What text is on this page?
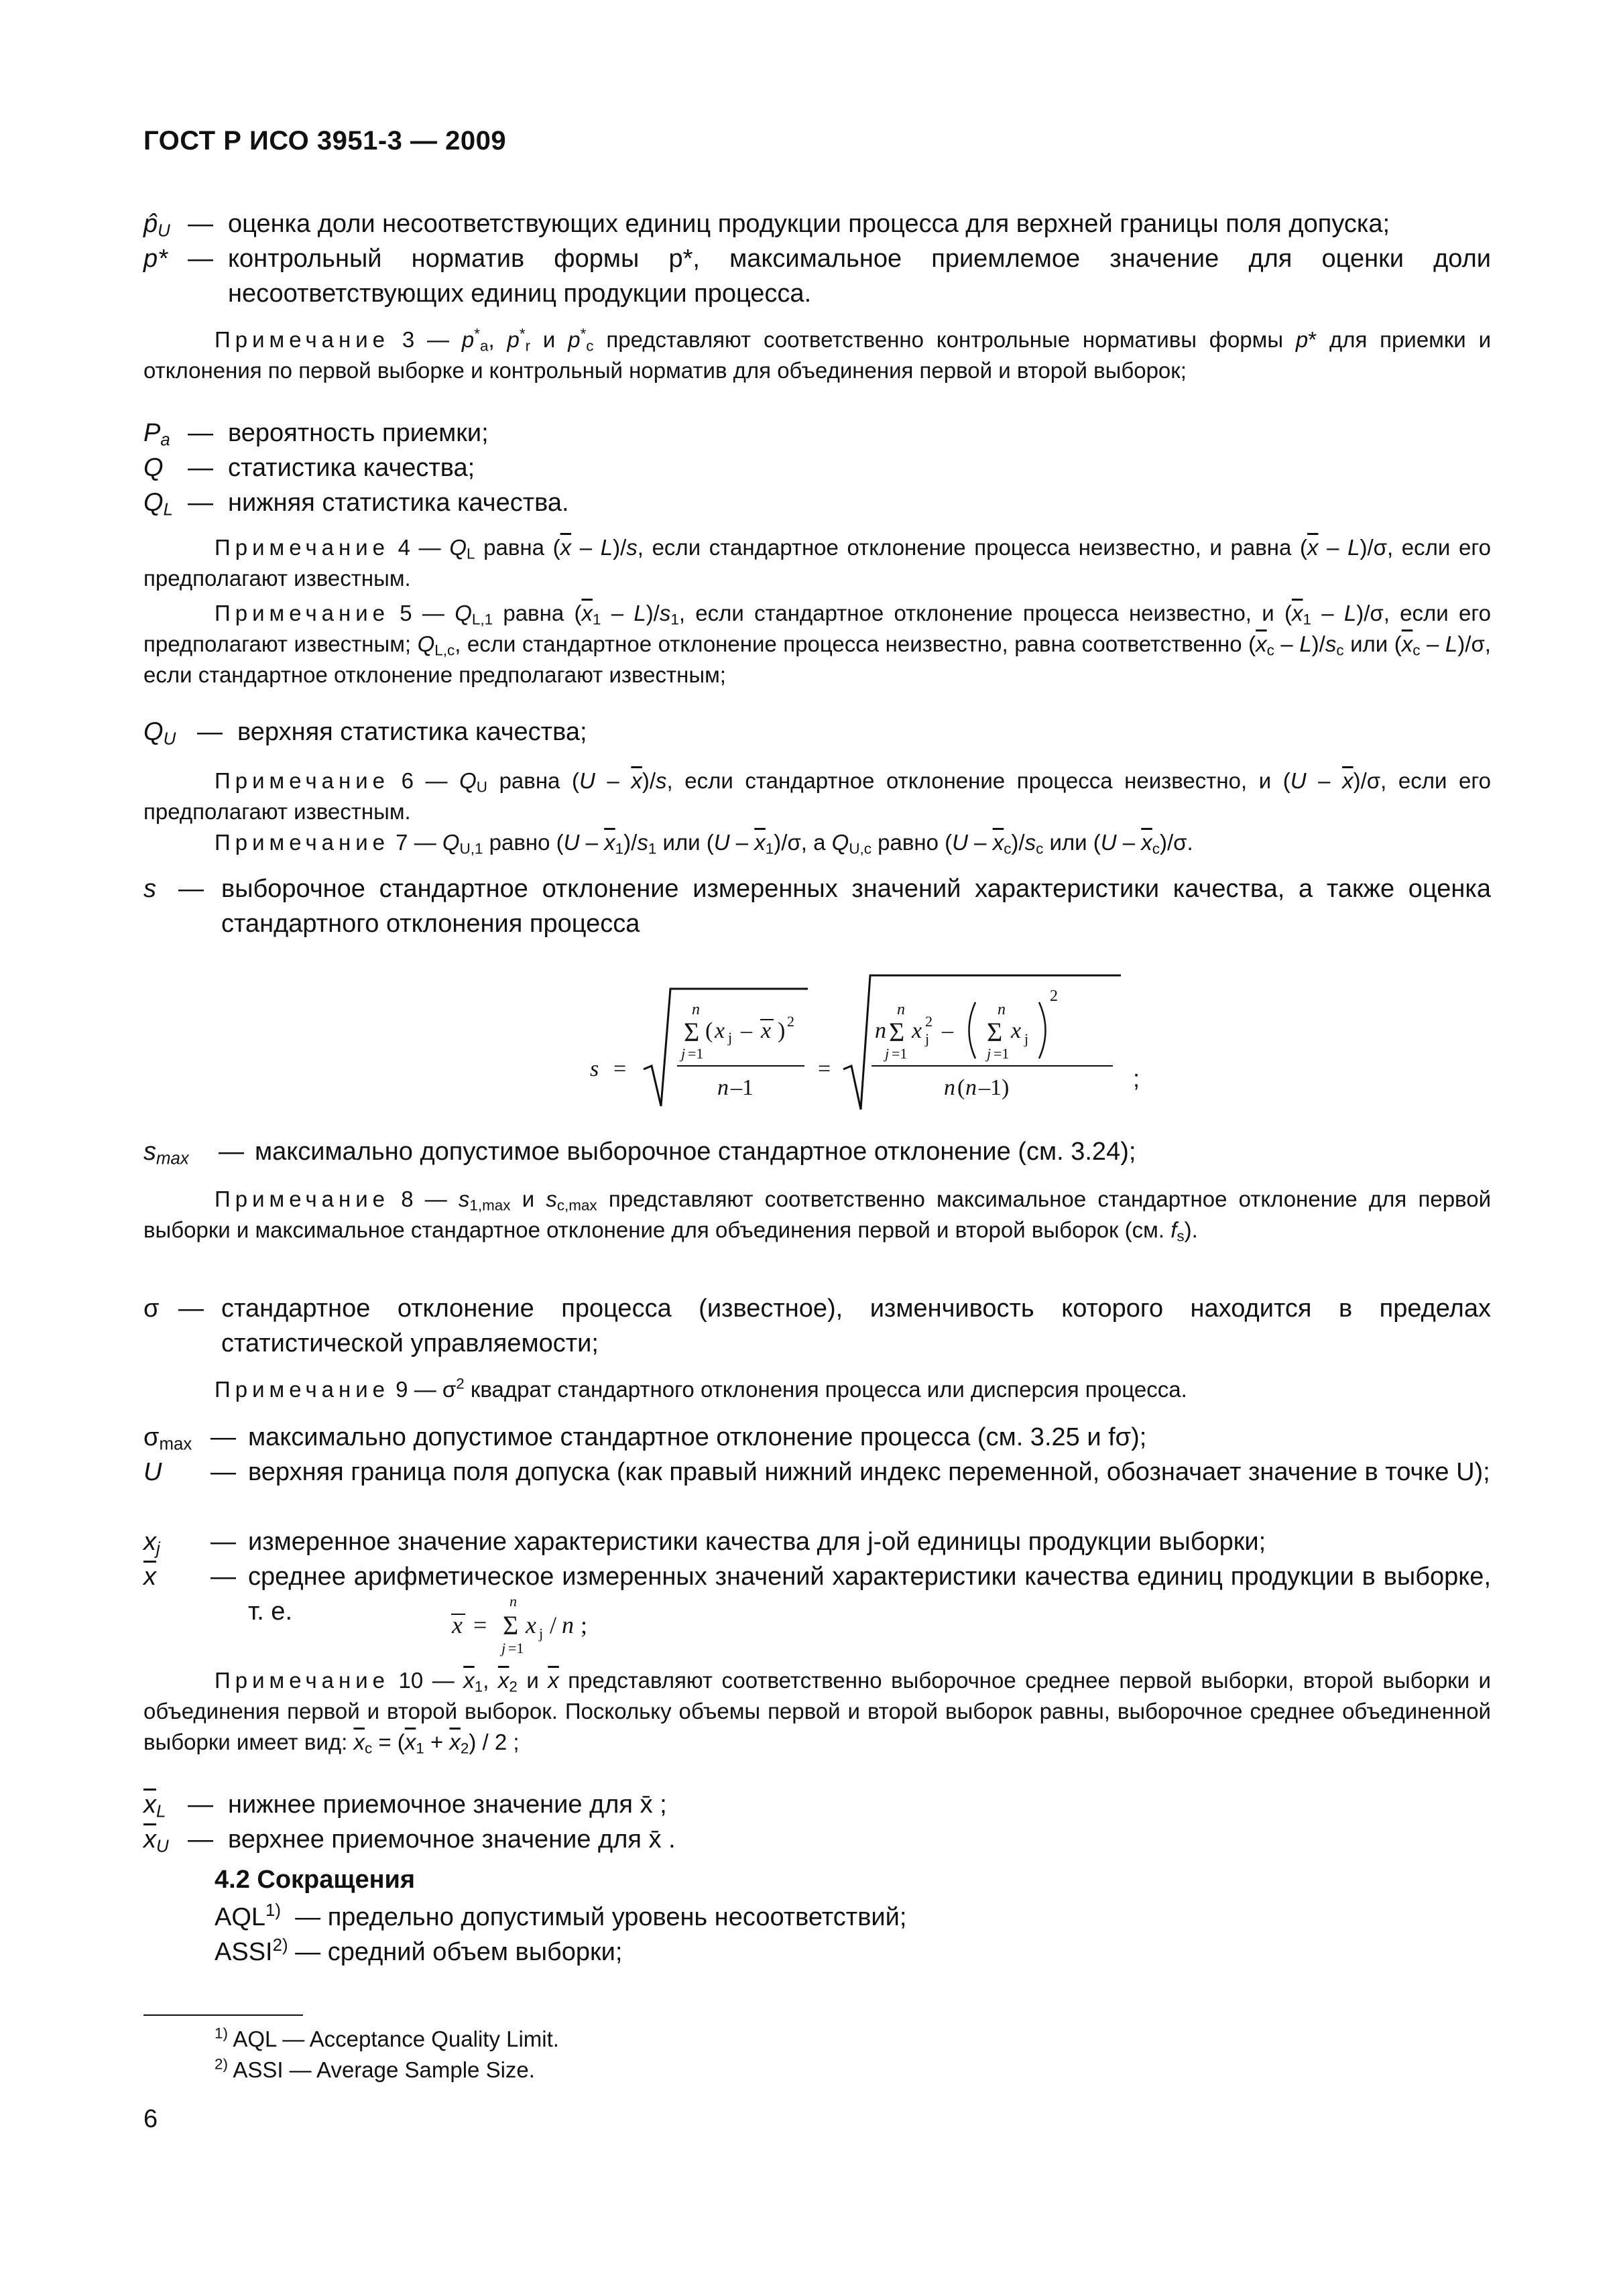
ГОСТ Р ИСО 3951-3 — 2009
$p̂_U$ — оценка доли несоответствующих единиц продукции процесса для верхней границы поля допуска;
p* — контрольный норматив формы p*, максимальное приемлемое значение для оценки доли несоответствующих единиц продукции процесса.
Примечание 3 — $p^*_a$, $p^*_r$ и $p^*_c$ представляют соответственно контрольные нормативы формы p* для приемки и отклонения по первой выборке и контрольный норматив для объединения первой и второй выборок;
$P_a$ — вероятность приемки;
Q — статистика качества;
$Q_L$ — нижняя статистика качества.
Примечание 4 — $Q_L$ равна $(\overline{x} - L)/s$, если стандартное отклонение процесса неизвестно, и равна $(\overline{x} - L)/\sigma$, если его предполагают известным.
Примечание 5 — $Q_{L,1}$ равна $(\overline{x}_1 - L)/s_1$, если стандартное отклонение процесса неизвестно, и $(\overline{x}_1 - L)/\sigma$, если его предполагают известным; $Q_{L,c}$, если стандартное отклонение процесса неизвестно, равна соответственно $(\overline{x}_c - L)/s_c$ или $(\overline{x}_c - L)/\sigma$, если стандартное отклонение предполагают известным;
$Q_U$ — верхняя статистика качества;
Примечание 6 — $Q_U$ равна $(U - \overline{x})/s$, если стандартное отклонение процесса неизвестно, и $(U - \overline{x})/\sigma$, если его предполагают известным.
Примечание 7 — $Q_{U,1}$ равно $(U - \overline{x}_1)/s_1$ или $(U - \overline{x}_1)/\sigma$, а $Q_{U,c}$ равно $(U - \overline{x}_c)/s_c$ или $(U - \overline{x}_c)/\sigma$.
s — выборочное стандартное отклонение измеренных значений характеристики качества, а также оценка стандартного отклонения процесса
s =
n
Σ ( x j – x ) 2
j =1
n –1
=
n
n Σ x 2
j –
n
Σ x j
2
j =1	j =1
n ( n –1)	;
$s_{max}$ — максимально допустимое выборочное стандартное отклонение (см. 3.24);
Примечание 8 — $s_{1,max}$ и $s_{c,max}$ представляют соответственно максимальное стандартное отклонение для первой выборки и максимальное стандартное отклонение для объединения первой и второй выборок (см. $f_s$).
σ — стандартное отклонение процесса (известное), изменчивость которого находится в пределах статистической управляемости;
Примечание 9 — $\sigma^2$ квадрат стандартного отклонения процесса или дисперсия процесса.
$\sigma_{max}$ — максимально допустимое стандартное отклонение процесса (см. 3.25 и fσ);
U — верхняя граница поля допуска (как правый нижний индекс переменной, обозначает значение в точке U);
$x_j$ — измеренное значение характеристики качества для j-ой единицы продукции выборки;
$\overline{x}$ — среднее арифметическое измеренных значений характеристики качества единиц продукции в выборке, т. е.	x =
n
Σ
j =1
x j / n ;
Примечание 10 — $\overline{x}_1$, $\overline{x}_2$ и $\overline{x}$ представляют соответственно выборочное среднее первой выборки, второй выборки и объединения первой и второй выборок. Поскольку объемы первой и второй выборок равны, выборочное среднее объединенной выборки имеет вид: $\overline{x}_c = (\overline{x}_1 + \overline{x}_2) / 2$ ;
$\overline{x}_L$ — нижнее приемочное значение для x̄ ;
$\overline{x}_U$ — верхнее приемочное значение для x̄ .
4.2 Сокращения
AQL$^{1)}$  — предельно допустимый уровень несоответствий;
ASSI$^{2)}$ — средний объем выборки;
$^{1)}$ AQL — Acceptance Quality Limit.
$^{2)}$ ASSI — Average Sample Size.
6
